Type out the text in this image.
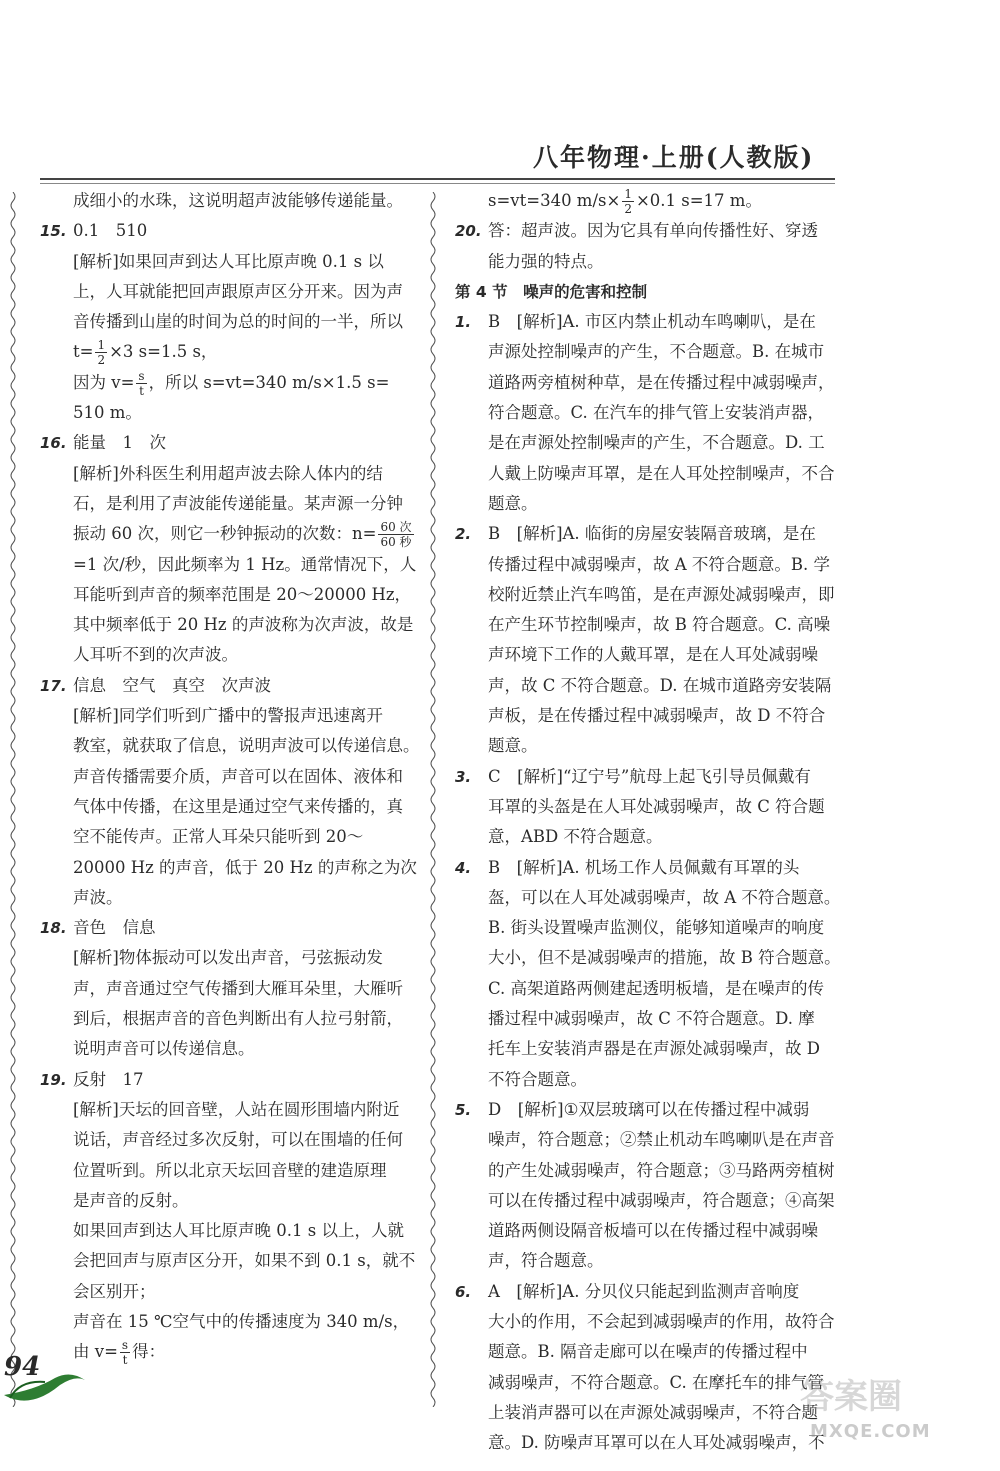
八年物理·上册(人教版)
成细小的水珠，这说明超声波能够传递能量。
15. 0.1　510
[解析]如果回声到达人耳比原声晚 0.1 s 以
上，人耳就能把回声跟原声区分开来。因为声
音传播到山崖的时间为总的时间的一半，所以
$t= \frac{1}{2} \times 3$ s=1.5 s，
因为 $v= \frac{s}{t}$ ，所以 s=vt=340 m/s×1.5 s=
510 m。
16. 能量　1　次
[解析]外科医生利用超声波去除人体内的结
石，是利用了声波能传递能量。某声源一分钟
振动 60 次，则它一秒钟振动的次数：$n= \frac{\text{60 次}}{\text{60 秒}}$
=1 次/秒，因此频率为 1 Hz。通常情况下，人
耳能听到声音的频率范围是 20～20000 Hz，
其中频率低于 20 Hz 的声波称为次声波，故是
人耳听不到的次声波。
17. 信息　空气　真空　次声波
[解析]同学们听到广播中的警报声迅速离开
教室，就获取了信息，说明声波可以传递信息。
声音传播需要介质，声音可以在固体、液体和
气体中传播，在这里是通过空气来传播的，真
空不能传声。正常人耳朵只能听到 20～
20000 Hz 的声音，低于 20 Hz 的声称之为次
声波。
18. 音色　信息
[解析]物体振动可以发出声音，弓弦振动发
声，声音通过空气传播到大雁耳朵里，大雁听
到后，根据声音的音色判断出有人拉弓射箭，
说明声音可以传递信息。
19. 反射　17
[解析]天坛的回音壁，人站在圆形围墙内附近
说话，声音经过多次反射，可以在围墙的任何
位置听到。所以北京天坛回音壁的建造原理
是声音的反射。
如果回声到达人耳比原声晚 0.1 s 以上，人就
会把回声与原声区分开，如果不到 0.1 s，就不
会区别开；
声音在 15 ℃空气中的传播速度为 340 m/s，
由 $v= \frac{s}{t}$ 得：
s=vt=340 $m/s\times \frac{1}{2} \times 0.1$ s=17 m。
20. 答：超声波。因为它具有单向传播性好、穿透
能力强的特点。
第 4 节　噪声的危害和控制
1. B　[解析]A. 市区内禁止机动车鸣喇叭，是在
声源处控制噪声的产生，不合题意。B. 在城市
道路两旁植树种草，是在传播过程中减弱噪声，
符合题意。C. 在汽车的排气管上安装消声器，
是在声源处控制噪声的产生，不合题意。D. 工
人戴上防噪声耳罩，是在人耳处控制噪声，不合
题意。
2. B　[解析]A. 临街的房屋安装隔音玻璃，是在
传播过程中减弱噪声，故 A 不符合题意。B. 学
校附近禁止汽车鸣笛，是在声源处减弱噪声，即
在产生环节控制噪声，故 B 符合题意。C. 高噪
声环境下工作的人戴耳罩，是在人耳处减弱噪
声，故 C 不符合题意。D. 在城市道路旁安装隔
声板，是在传播过程中减弱噪声，故 D 不符合
题意。
3. C　[解析]“辽宁号”航母上起飞引导员佩戴有
耳罩的头盔是在人耳处减弱噪声，故 C 符合题
意，ABD 不符合题意。
4. B　[解析]A. 机场工作人员佩戴有耳罩的头
盔，可以在人耳处减弱噪声，故 A 不符合题意。
B. 街头设置噪声监测仪，能够知道噪声的响度
大小，但不是减弱噪声的措施，故 B 符合题意。
C. 高架道路两侧建起透明板墙，是在噪声的传
播过程中减弱噪声，故 C 不符合题意。D. 摩
托车上安装消声器是在声源处减弱噪声，故 D
不符合题意。
5. D　[解析]①双层玻璃可以在传播过程中减弱
噪声，符合题意；②禁止机动车鸣喇叭是在声音
的产生处减弱噪声，符合题意；③马路两旁植树
可以在传播过程中减弱噪声，符合题意；④高架
道路两侧设隔音板墙可以在传播过程中减弱噪
声，符合题意。
6. A　[解析]A. 分贝仪只能起到监测声音响度
大小的作用，不会起到减弱噪声的作用，故符合
题意。B. 隔音走廊可以在噪声的传播过程中
减弱噪声，不符合题意。C. 在摩托车的排气管
上装消声器可以在声源处减弱噪声，不符合题
意。D. 防噪声耳罩可以在人耳处减弱噪声，不
94
答案圈
MXQE.COM
